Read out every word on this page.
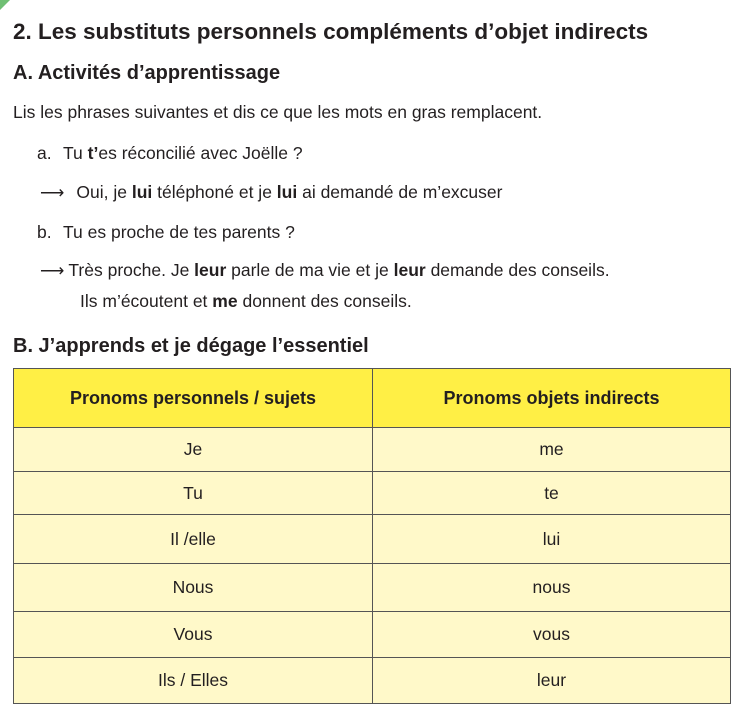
2. Les substituts personnels compléments d’objet indirects
A. Activités d’apprentissage
Lis les phrases suivantes et dis ce que les mots en gras remplacent.
a. Tu t’es réconcilié avec Joëlle ?
⟶ Oui, je lui téléphoné et je lui ai demandé de m’excuser
b. Tu es proche de tes parents ?
⟶ Très proche. Je leur parle de ma vie et je leur demande des conseils.
Ils m’écoutent et me donnent des conseils.
B. J’apprends et je dégage l’essentiel
Pronoms personnels / sujets	Pronoms objets indirects
Je	me
Tu	te
Il /elle	lui
Nous	nous
Vous	vous
Ils / Elles	leur
